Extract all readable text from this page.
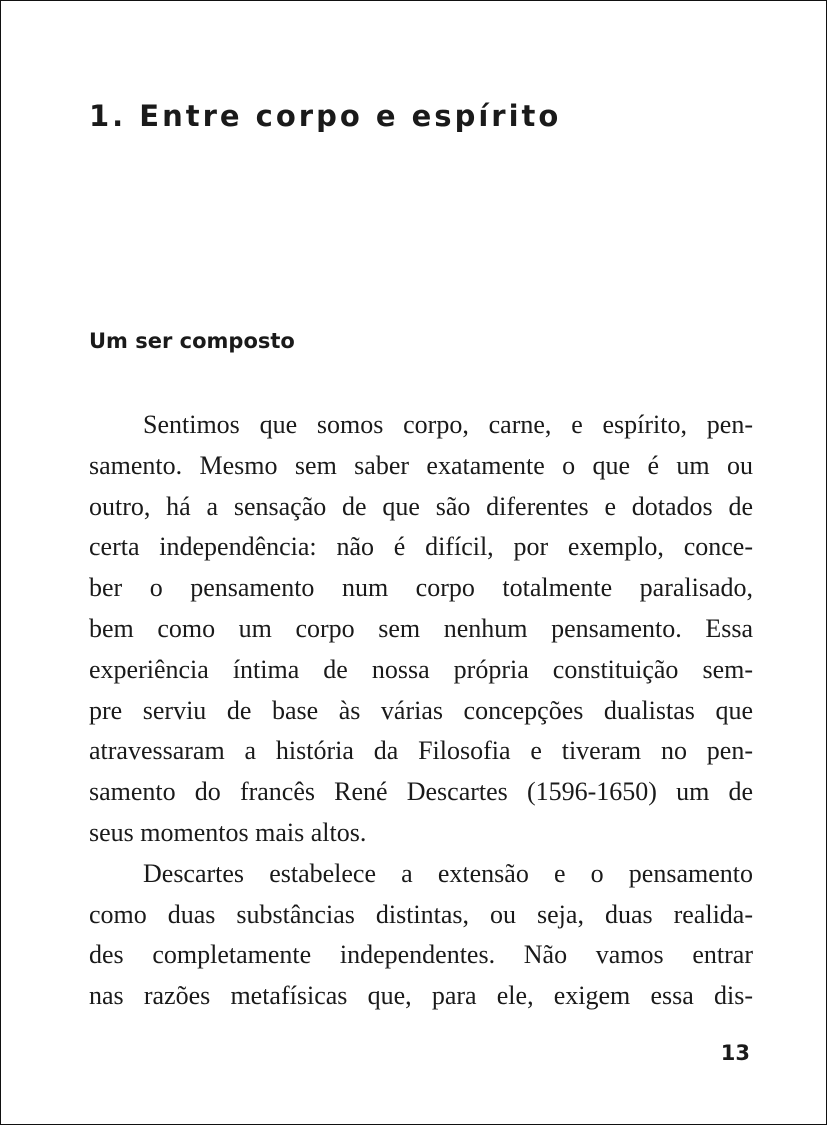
1. Entre corpo e espírito
Um ser composto
Sentimos que somos corpo, carne, e espírito, pen-
samento. Mesmo sem saber exatamente o que é um ou
outro, há a sensação de que são diferentes e dotados de
certa independência: não é difícil, por exemplo, conce-
ber o pensamento num corpo totalmente paralisado,
bem como um corpo sem nenhum pensamento. Essa
experiência íntima de nossa própria constituição sem-
pre serviu de base às várias concepções dualistas que
atravessaram a história da Filosofia e tiveram no pen-
samento do francês René Descartes (1596-1650) um de
seus momentos mais altos.
Descartes estabelece a extensão e o pensamento
como duas substâncias distintas, ou seja, duas realida-
des completamente independentes. Não vamos entrar
nas razões metafísicas que, para ele, exigem essa dis-
13
